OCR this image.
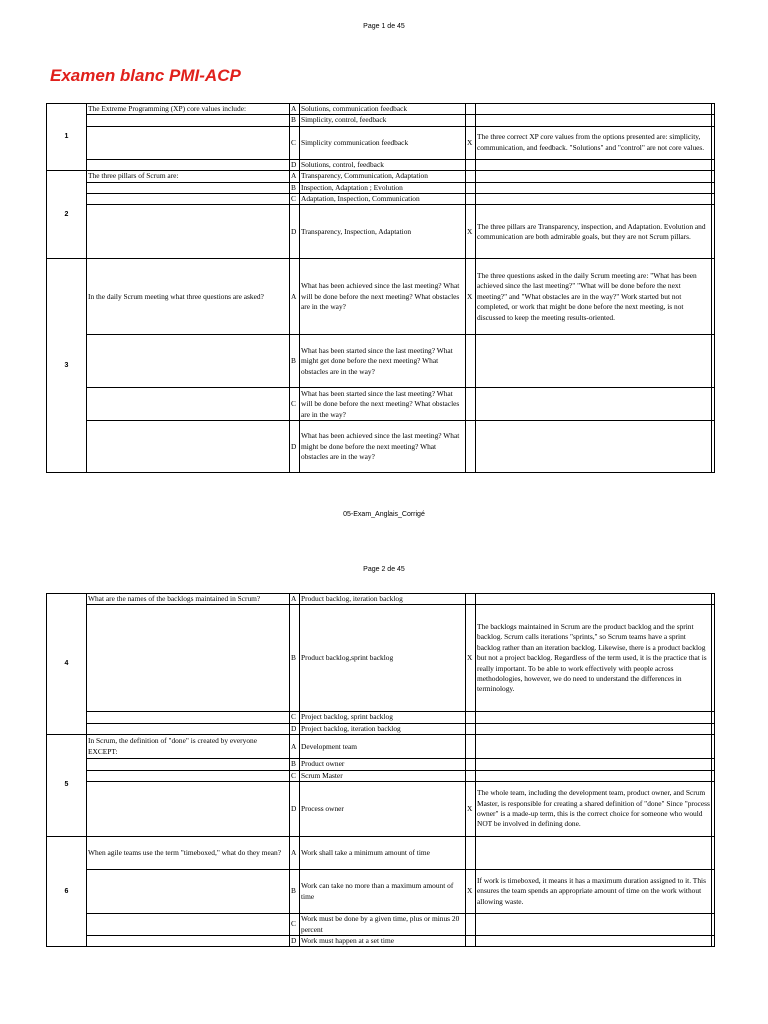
Page 1 de 45
Examen blanc PMI-ACP
1	The Extreme Programming (XP) core values include:	A	Solutions, communication feedback			
		B	Simplicity, control, feedback			
		C	Simplicity communication feedback	X	The three correct XP core values from the options presented are: simplicity, communication, and feedback. "Solutions" and "control" are not core values.	
		D	Solutions, control, feedback			
2	The three pillars of Scrum are:	A	Transparency, Communication, Adaptation			
		B	Inspection, Adaptation ; Evolution			
		C	Adaptation, Inspection, Communication			
		D	Transparency, Inspection, Adaptation	X	The three pillars are Transparency, inspection, and Adaptation. Evolution and communication are both admirable goals, but they are not Scrum pillars.	
3	In the daily Scrum meeting what three questions are asked?	A	What has been achieved since the last meeting? What will be done before the next meeting? What obstacles are in the way?	X	The three questions asked in the daily Scrum meeting are: "What has been achieved since the last meeting?" "What will be done before the next meeting?" and "What obstacles are in the way?" Work started but not completed, or work that might be done before the next meeting, is not discussed to keep the meeting results-oriented.	
		B	What has been started since the last meeting? What might get done before the next meeting? What obstacles are in the way?			
		C	What has been started since the last meeting? What will be done before the next meeting? What obstacles are in the way?			
		D	What has been achieved since the last meeting? What might be done before the next meeting? What obstacles are in the way?			
05-Exam_Anglais_Corrigé
Page 2 de 45
4	What are the names of the backlogs maintained in Scrum?	A	Product backlog, iteration backlog			
		B	Product backlog,sprint backlog	X	The backlogs maintained in Scrum are the product backlog and the sprint backlog. Scrum calls iterations "sprints," so Scrum teams have a sprint backlog rather than an iteration backlog. Likewise, there is a product backlog but not a project backlog. Regardless of the term used, it is the practice that is really important. To be able to work effectively with people across methodologies, however, we do need to understand the differences in terminology.	
		C	Project backlog, sprint backlog			
		D	Project backlog, iteration backlog			
5	In Scrum, the definition of "done" is created by everyone EXCEPT:	A	Development team			
		B	Product owner			
		C	Scrum Master			
		D	Process owner	X	The whole team, including the development team, product owner, and Scrum Master, is responsible for creating a shared definition of "done" Since "process owner" is a made-up term, this is the correct choice for someone who would NOT be involved in defining done.	
6	When agile teams use the term "timeboxed," what do they mean?	A	Work shall take a minimum amount of time			
		B	Work can take no more than a maximum amount of time	X	If work is timeboxed, it means it has a maximum duration assigned to it. This ensures the team spends an appropriate amount of time on the work without allowing waste.	
		C	Work must be done by a given time, plus or minus 20 percent			
		D	Work must happen at a set time			
